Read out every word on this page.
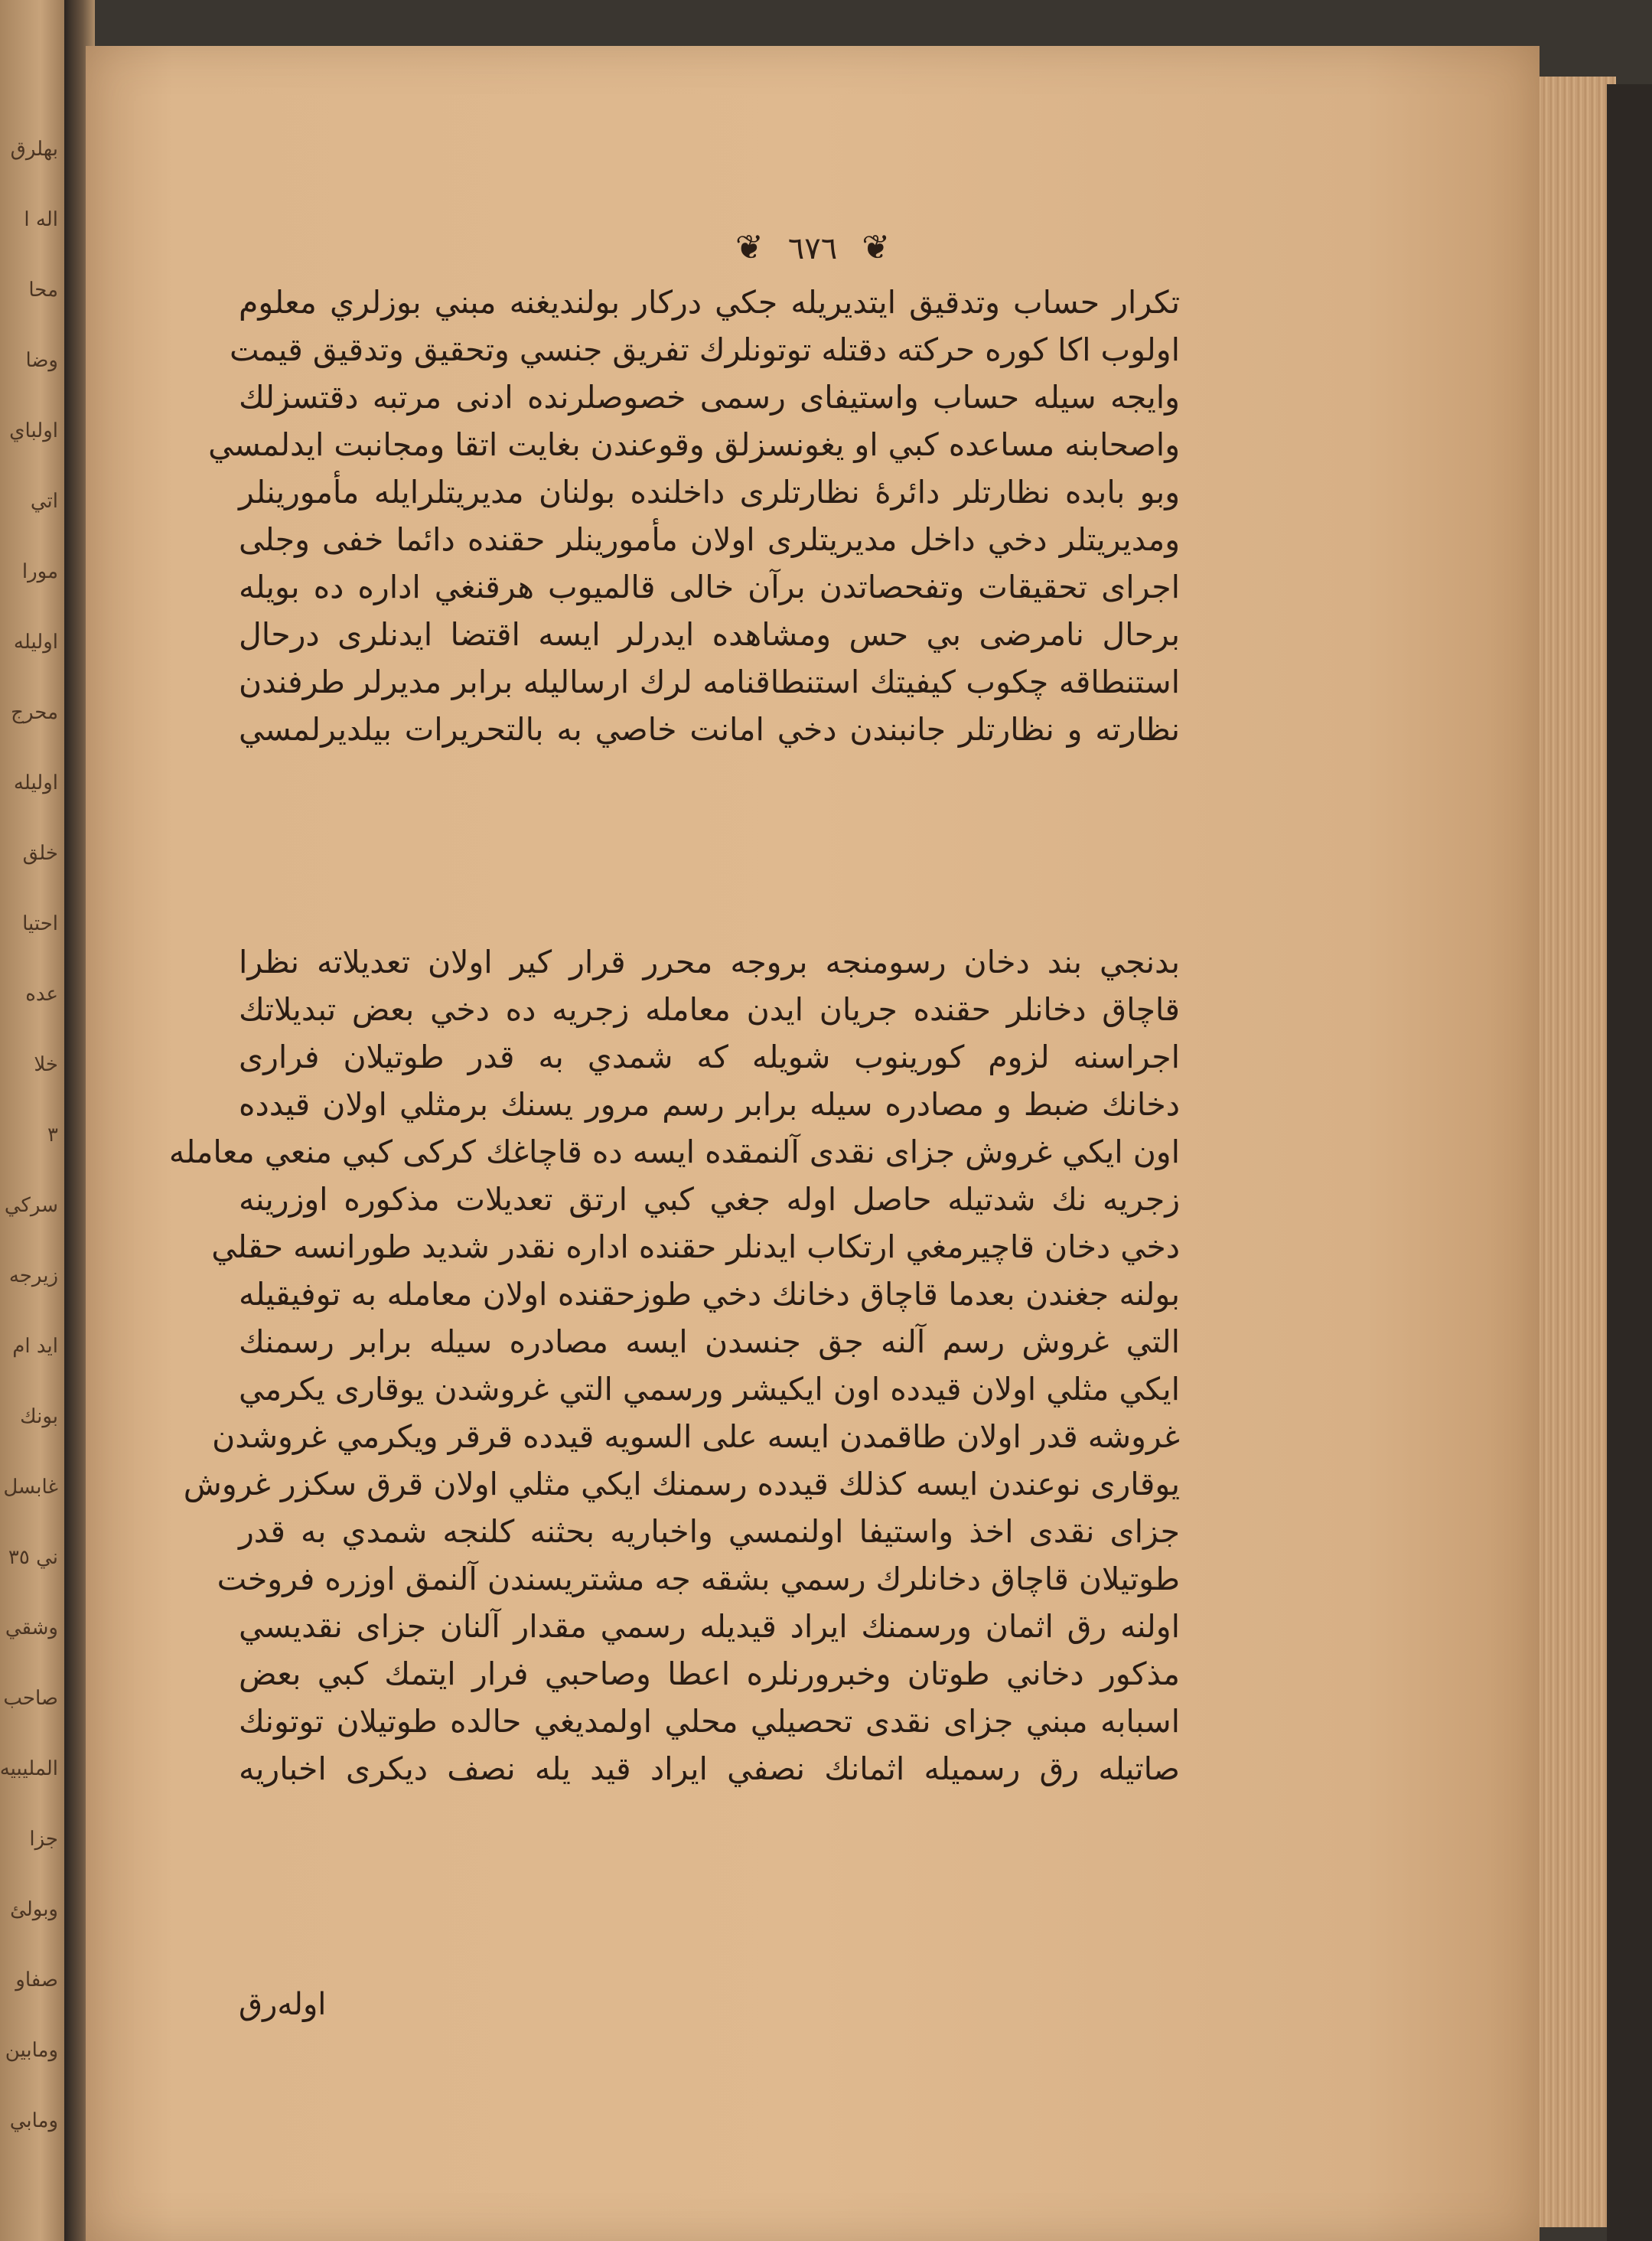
بهلرق
اله ا
محا
وضا
اولباي
اتي
مورا
اوليله
محرج
اوليله
خلق
احتيا
عده
خلا
٣
سركي
زيرجه
ايد ام
بونك
غابسل
ني ٣٥
وشقي
صاحب
المليبيه
جزا
وبولئ
صفاو
ومابين
ومابي
❦ ٦٧٦ ❦
تكرار حساب وتدقيق ايتديريله جكي دركار بولنديغنه مبني بوزلري معلوم
اولوب اكا كوره حركته دقتله توتونلرك تفريق جنسي وتحقيق وتدقيق قيمت
وايجه سيله حساب واستيفاى رسمى خصوصلرنده ادنى مرتبه دقتسزلك
واصحابنه مساعده كبي او يغونسزلق وقوعندن بغايت اتقا ومجانبت ايدلمسي
وبو بابده نظارتلر دائرۀ نظارتلرى داخلنده بولنان مديريتلرايله مأمورينلر
ومديريتلر دخي داخل مديريتلرى اولان مأمورينلر حقنده دائما خفى وجلى
اجراى تحقيقات وتفحصاتدن برآن خالى قالميوب هرقنغي اداره ده بويله
برحال نامرضى بي حس ومشاهده ايدرلر ايسه اقتضا ايدنلرى درحال
استنطاقه چكوب كيفيتك استنطاقنامه لرك ارساليله برابر مديرلر طرفندن
نظارته و نظارتلر جانبندن دخي امانت خاصي به بالتحريرات بيلديرلمسي
بدنجي بند دخان رسومنجه بروجه محرر قرار كير اولان تعديلاته نظرا
قاچاق دخانلر حقنده جريان ايدن معامله زجريه ده دخي بعض تبديلاتك
اجراسنه لزوم كورينوب شويله كه شمدي به قدر طوتيلان فرارى
دخانك ضبط و مصادره سيله برابر رسم مرور يسنك برمثلي اولان قيدده
اون ايكي غروش جزاى نقدى آلنمقده ايسه ده قاچاغك كركى كبي منعي معامله
زجريه نك شدتيله حاصل اوله جغي كبي ارتق تعديلات مذكوره اوزرينه
دخي دخان قاچيرمغي ارتكاب ايدنلر حقنده اداره نقدر شديد طورانسه حقلي
بولنه جغندن بعدما قاچاق دخانك دخي طوزحقنده اولان معامله به توفيقيله
التي غروش رسم آلنه جق جنسدن ايسه مصادره سيله برابر رسمنك
ايكي مثلي اولان قيدده اون ايكيشر ورسمي التي غروشدن يوقارى يكرمي
غروشه قدر اولان طاقمدن ايسه على السويه قيدده قرقر ويكرمي غروشدن
يوقارى نوعندن ايسه كذلك قيدده رسمنك ايكي مثلي اولان قرق سكزر غروش
جزاى نقدى اخذ واستيفا اولنمسي واخباريه بحثنه كلنجه شمدي به قدر
طوتيلان قاچاق دخانلرك رسمي بشقه جه مشتريسندن آلنمق اوزره فروخت
اولنه رق اثمان ورسمنك ايراد قيديله رسمي مقدار آلنان جزاى نقديسي
مذكور دخاني طوتان وخبرورنلره اعطا وصاحبي فرار ايتمك كبي بعض
اسبابه مبني جزاى نقدى تحصيلي محلي اولمديغي حالده طوتيلان توتونك
صاتيله رق رسميله اثمانك نصفي ايراد قيد يله نصف ديكرى اخباريه
اولەرق
